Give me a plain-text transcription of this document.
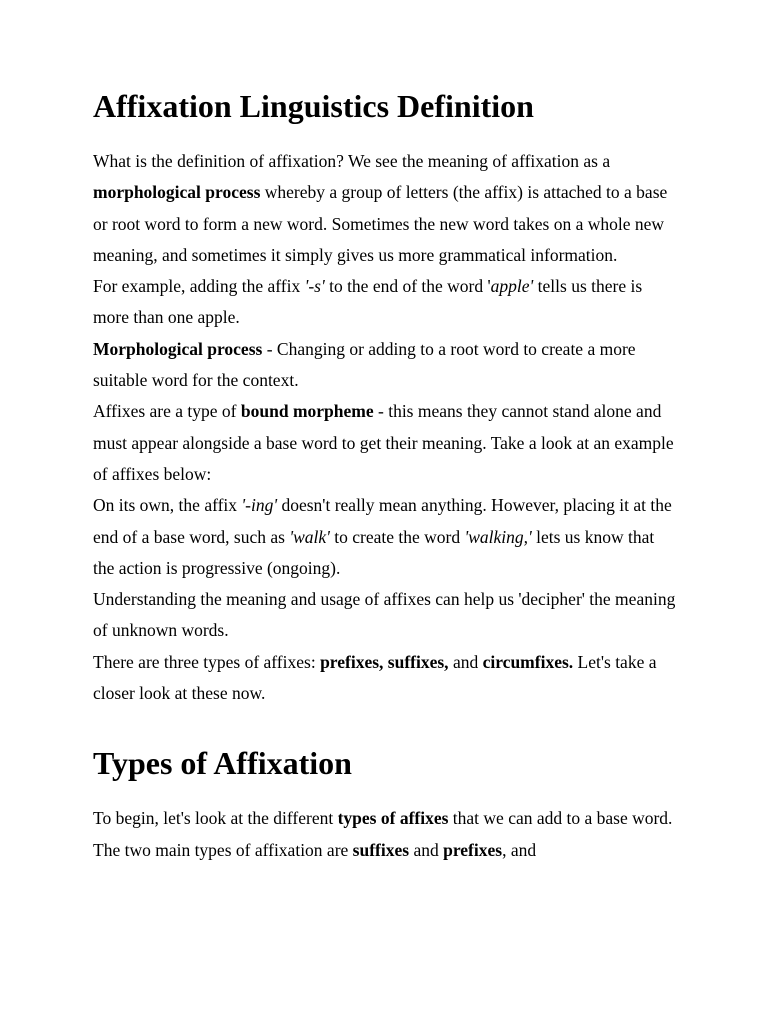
Affixation Linguistics Definition

What is the definition of affixation? We see the meaning of affixation as a morphological process whereby a group of letters (the affix) is attached to a base or root word to form a new word. Sometimes the new word takes on a whole new meaning, and sometimes it simply gives us more grammatical information.

For example, adding the affix '-s' to the end of the word 'apple' tells us there is more than one apple.

Morphological process - Changing or adding to a root word to create a more suitable word for the context.

Affixes are a type of bound morpheme - this means they cannot stand alone and must appear alongside a base word to get their meaning. Take a look at an example of affixes below:

On its own, the affix '-ing' doesn't really mean anything. However, placing it at the end of a base word, such as 'walk' to create the word 'walking,' lets us know that the action is progressive (ongoing).

Understanding the meaning and usage of affixes can help us 'decipher' the meaning of unknown words.

There are three types of affixes: prefixes, suffixes, and circumfixes. Let's take a closer look at these now.

Types of Affixation

To begin, let's look at the different types of affixes that we can add to a base word. The two main types of affixation are suffixes and prefixes, and
